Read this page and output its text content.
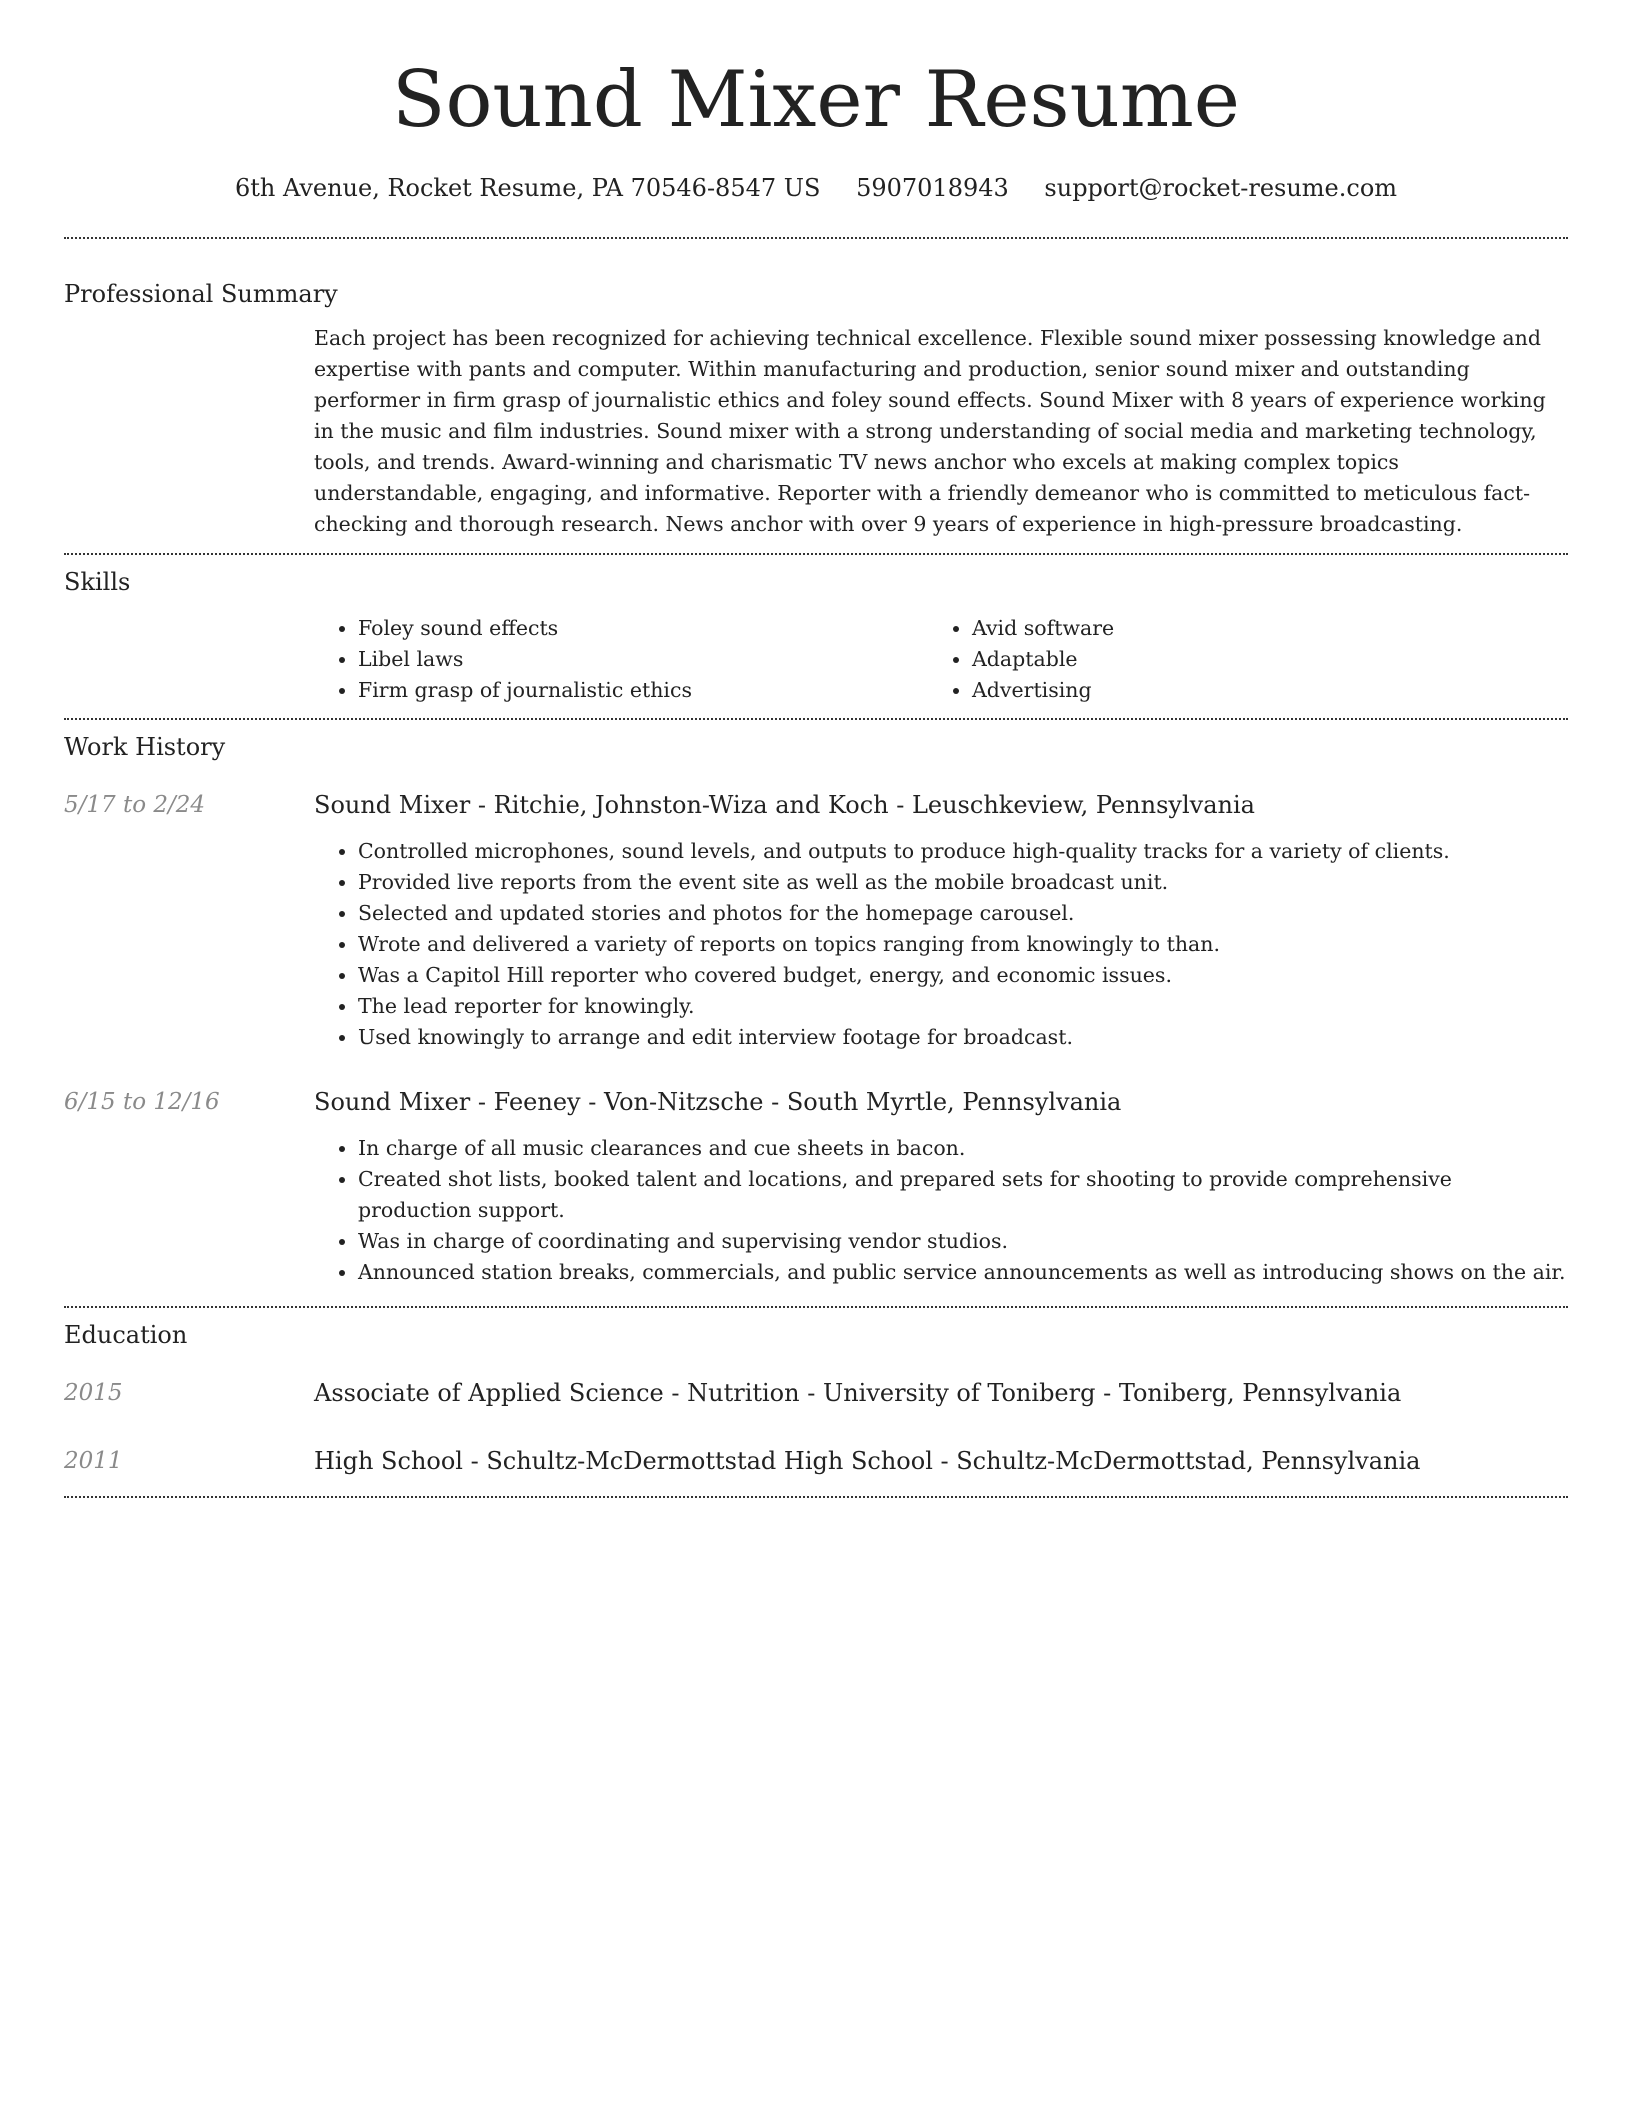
Sound Mixer Resume
6th Avenue, Rocket Resume, PA 70546-8547 US 5907018943 support@rocket-resume.com
Professional Summary
Each project has been recognized for achieving technical excellence. Flexible sound mixer possessing knowledge and expertise with pants and computer. Within manufacturing and production, senior sound mixer and outstanding performer in firm grasp of journalistic ethics and foley sound effects. Sound Mixer with 8 years of experience working in the music and film industries. Sound mixer with a strong understanding of social media and marketing technology, tools, and trends. Award-winning and charismatic TV news anchor who excels at making complex topics understandable, engaging, and informative. Reporter with a friendly demeanor who is committed to meticulous fact-checking and thorough research. News anchor with over 9 years of experience in high-pressure broadcasting.
Skills
• Foley sound effects
• Libel laws
• Firm grasp of journalistic ethics
• Avid software
• Adaptable
• Advertising
Work History
5/17 to 2/24	Sound Mixer - Ritchie, Johnston-Wiza and Koch - Leuschkeview, Pennsylvania
• Controlled microphones, sound levels, and outputs to produce high-quality tracks for a variety of clients.
• Provided live reports from the event site as well as the mobile broadcast unit.
• Selected and updated stories and photos for the homepage carousel.
• Wrote and delivered a variety of reports on topics ranging from knowingly to than.
• Was a Capitol Hill reporter who covered budget, energy, and economic issues.
• The lead reporter for knowingly.
• Used knowingly to arrange and edit interview footage for broadcast.
6/15 to 12/16	Sound Mixer - Feeney - Von-Nitzsche - South Myrtle, Pennsylvania
• In charge of all music clearances and cue sheets in bacon.
• Created shot lists, booked talent and locations, and prepared sets for shooting to provide comprehensive production support.
• Was in charge of coordinating and supervising vendor studios.
• Announced station breaks, commercials, and public service announcements as well as introducing shows on the air.
Education
2015	Associate of Applied Science - Nutrition - University of Toniberg - Toniberg, Pennsylvania
2011	High School - Schultz-McDermottstad High School - Schultz-McDermottstad, Pennsylvania
